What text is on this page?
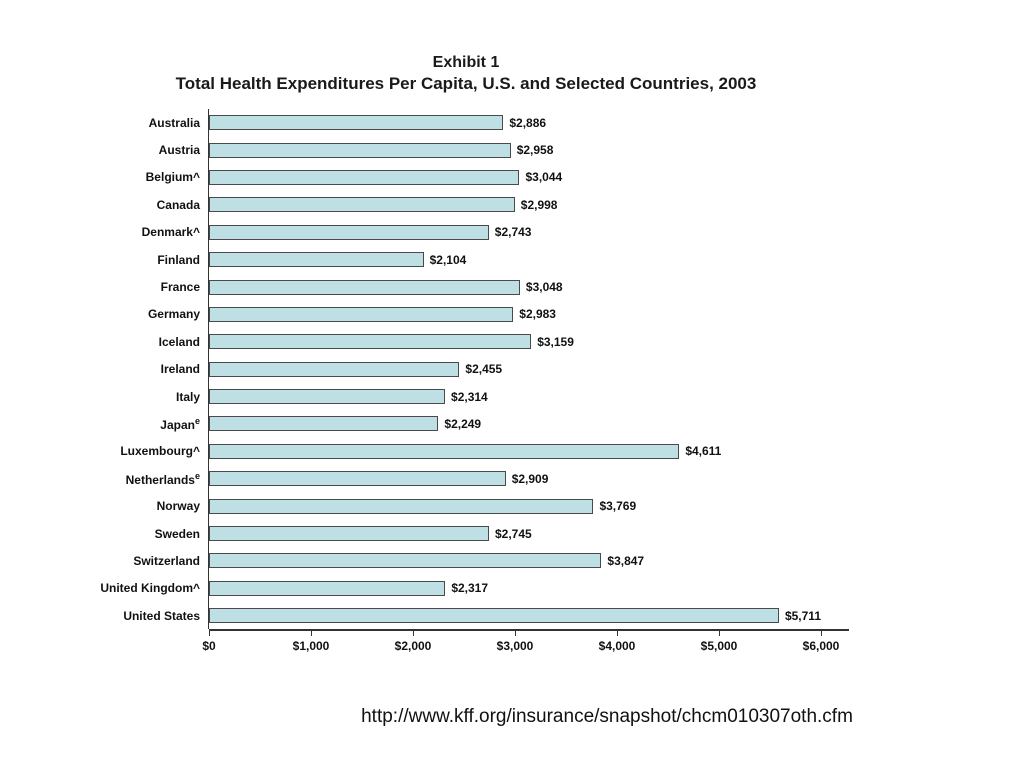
Exhibit 1
Total Health Expenditures Per Capita, U.S. and Selected Countries, 2003
Australia	$2,886
Austria	$2,958
Belgium^	$3,044
Canada	$2,998
Denmark^	$2,743
Finland	$2,104
France	$3,048
Germany	$2,983
Iceland	$3,159
Ireland	$2,455
Italy	$2,314
Japan$^e$	$2,249
Luxembourg^	$4,611
Netherlands$^e$	$2,909
Norway	$3,769
Sweden	$2,745
Switzerland	$3,847
United Kingdom^	$2,317
United States	$5,711
$0	$1,000	$2,000	$3,000	$4,000	$5,000	$6,000
http://www.kff.org/insurance/snapshot/chcm010307oth.cfm
